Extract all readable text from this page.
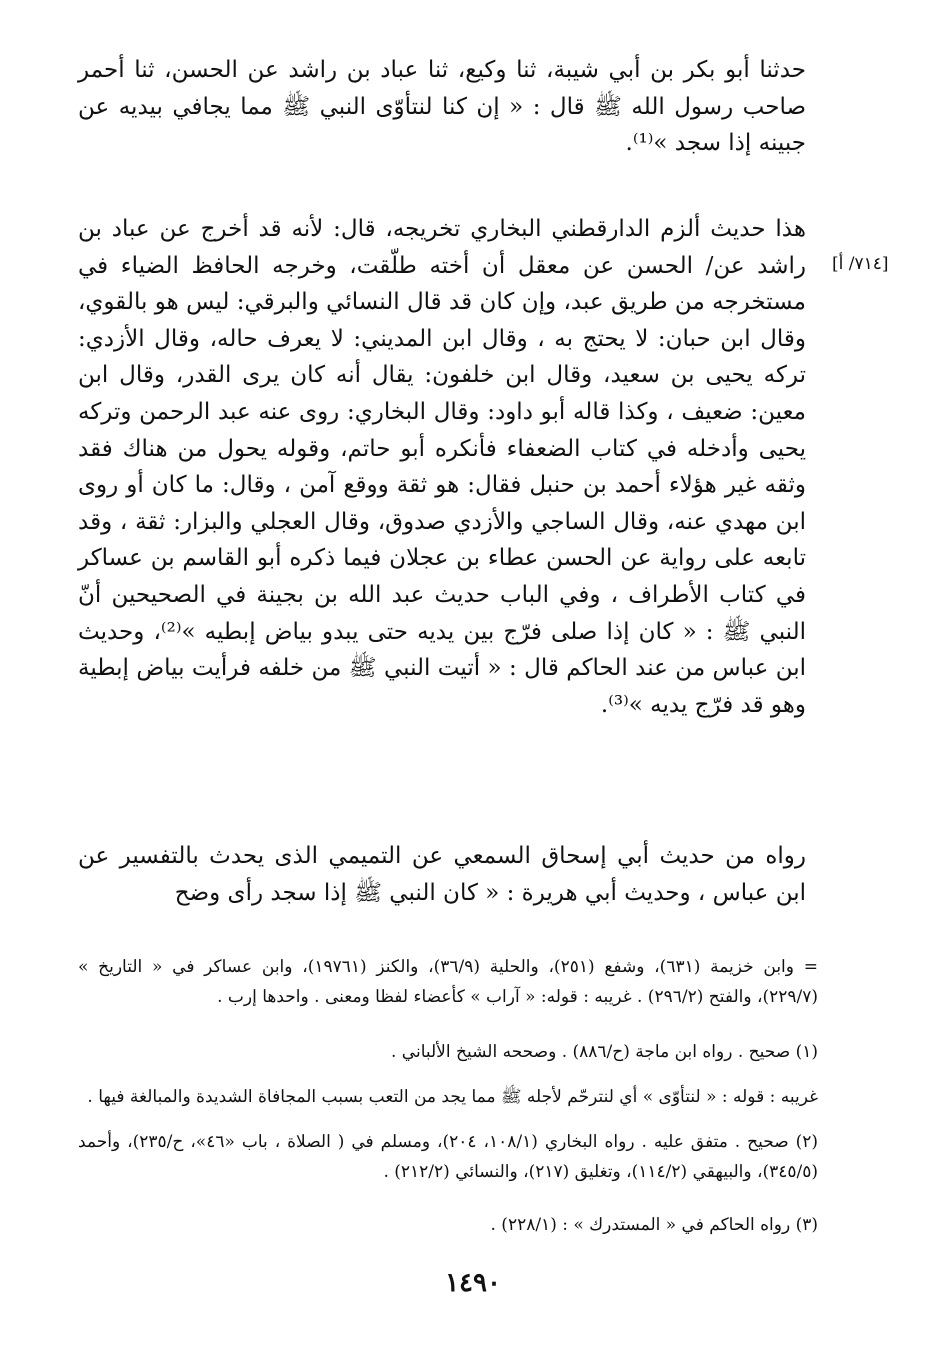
[٧١٤/ أ]

حدثنا أبو بكر بن أبي شيبة، ثنا وكيع، ثنا عباد بن راشد عن الحسن، ثنا أحمر صاحب رسول الله ﷺ قال : « إن كنا لنتأوّى النبي ﷺ مما يجافي بيديه عن جبينه إذا سجد »⁽¹⁾.

هذا حديث ألزم الدارقطني البخاري تخريجه، قال: لأنه قد أخرج عن عباد بن راشد عن/ الحسن عن معقل أن أخته طلّقت، وخرجه الحافظ الضياء في مستخرجه من طريق عبد، وإن كان قد قال النسائي والبرقي: ليس هو بالقوي، وقال ابن حبان: لا يحتج به ، وقال ابن المديني: لا يعرف حاله، وقال الأزدي: تركه يحيى بن سعيد، وقال ابن خلفون: يقال أنه كان يرى القدر، وقال ابن معين: ضعيف ، وكذا قاله أبو داود: وقال البخاري: روى عنه عبد الرحمن وتركه يحيى وأدخله في كتاب الضعفاء فأنكره أبو حاتم، وقوله يحول من هناك فقد وثقه غير هؤلاء أحمد بن حنبل فقال: هو ثقة ووقع آمن ، وقال: ما كان أو روى ابن مهدي عنه، وقال الساجي والأزدي صدوق، وقال العجلي والبزار: ثقة ، وقد تابعه على رواية عن الحسن عطاء بن عجلان فيما ذكره أبو القاسم بن عساكر في كتاب الأطراف ، وفي الباب حديث عبد الله بن بجينة في الصحيحين أنّ النبي ﷺ : « كان إذا صلى فرّج بين يديه حتى يبدو بياض إبطيه »⁽²⁾، وحديث ابن عباس من عند الحاكم قال : « أتيت النبي ﷺ من خلفه فرأيت بياض إبطية وهو قد فرّج يديه »⁽³⁾.

رواه من حديث أبي إسحاق السمعي عن التميمي الذى يحدث بالتفسير عن ابن عباس ، وحديث أبي هريرة : « كان النبي ﷺ إذا سجد رأى وضح

= وابن خزيمة (٦٣١)، وشفع (٢٥١)، والحلية (٣٦/٩)، والكنز (١٩٧٦١)، وابن عساكر في « التاريخ » (٢٢٩/٧)، والفتح (٢٩٦/٢) . غريبه : قوله: « آراب » كأعضاء لفظا ومعنى . واحدها إرب .

(١) صحيح . رواه ابن ماجة (ح/٨٨٦) . وصححه الشيخ الألباني .

غريبه : قوله : « لنتأوّى » أي لنترحّم لأجله ﷺ مما يجد من التعب بسبب المجافاة الشديدة والمبالغة فيها .

(٢) صحيح . متفق عليه . رواه البخاري (١٠٨/١، ٢٠٤)، ومسلم في ( الصلاة ، باب «٤٦»، ح/٢٣٥)، وأحمد (٣٤٥/٥)، والبيهقي (١١٤/٢)، وتغليق (٢١٧)، والنسائي (٢١٢/٢) .

(٣) رواه الحاكم في « المستدرك » : (٢٢٨/١) .

١٤٩٠
